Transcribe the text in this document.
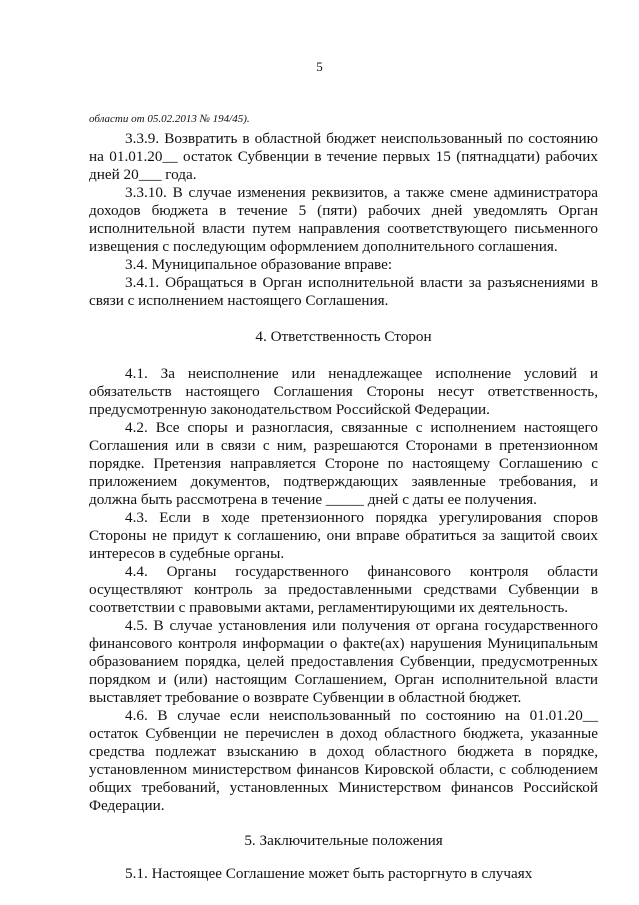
5
области от 05.02.2013 № 194/45).

3.3.9. Возвратить в областной бюджет неиспользованный по состоянию на 01.01.20__ остаток Субвенции в течение первых 15 (пятнадцати) рабочих дней 20___ года.

3.3.10. В случае изменения реквизитов, а также смене администратора доходов бюджета в течение 5 (пяти) рабочих дней уведомлять Орган исполнительной власти путем направления соответствующего письменного извещения с последующим оформлением дополнительного соглашения.

3.4. Муниципальное образование вправе:

3.4.1. Обращаться в Орган исполнительной власти за разъяснениями в связи с исполнением настоящего Соглашения.

4. Ответственность Сторон

4.1. За неисполнение или ненадлежащее исполнение условий и обязательств настоящего Соглашения Стороны несут ответственность, предусмотренную законодательством Российской Федерации.

4.2. Все споры и разногласия, связанные с исполнением настоящего Соглашения или в связи с ним, разрешаются Сторонами в претензионном порядке. Претензия направляется Стороне по настоящему Соглашению с приложением документов, подтверждающих заявленные требования, и должна быть рассмотрена в течение _____ дней с даты ее получения.

4.3. Если в ходе претензионного порядка урегулирования споров Стороны не придут к соглашению, они вправе обратиться за защитой своих интересов в судебные органы.

4.4. Органы государственного финансового контроля области осуществляют контроль за предоставленными средствами Субвенции в соответствии с правовыми актами, регламентирующими их деятельность.

4.5. В случае установления или получения от органа государственного финансового контроля информации о факте(ах) нарушения Муниципальным образованием порядка, целей предоставления Субвенции, предусмотренных порядком и (или) настоящим Соглашением, Орган исполнительной власти выставляет требование о возврате Субвенции в областной бюджет.

4.6. В случае если неиспользованный по состоянию на 01.01.20__ остаток Субвенции не перечислен в доход областного бюджета, указанные средства подлежат взысканию в доход областного бюджета в порядке, установленном министерством финансов Кировской области, с соблюдением общих требований, установленных Министерством финансов Российской Федерации.

5. Заключительные положения

5.1. Настоящее Соглашение может быть расторгнуто в случаях
